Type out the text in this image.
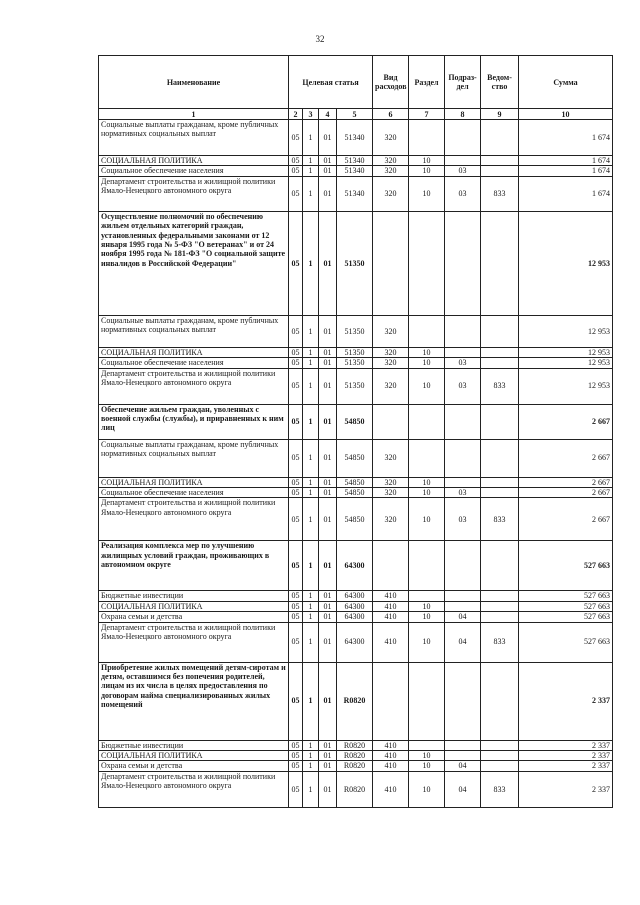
32
Наименование	Целевая статья				Вид расходов	Раздел	Подраз-дел	Ведом-ство	Сумма
1	2	3	4	5	6	7	8	9	10
Социальные выплаты гражданам, кроме публичных нормативных социальных выплат	05	1	01	51340	320				1 674
СОЦИАЛЬНАЯ ПОЛИТИКА	05	1	01	51340	320	10			1 674
Социальное обеспечение населения	05	1	01	51340	320	10	03		1 674
Департамент строительства и жилищной политики Ямало-Ненецкого автономного округа	05	1	01	51340	320	10	03	833	1 674
Осуществление полномочий по обеспечению жильем отдельных категорий граждан, установленных федеральными законами от 12 января 1995 года № 5-ФЗ "О ветеранах" и от 24 ноября 1995 года № 181-ФЗ "О социальной защите инвалидов в Российской Федерации"	05	1	01	51350					12 953
Социальные выплаты гражданам, кроме публичных нормативных социальных выплат	05	1	01	51350	320				12 953
СОЦИАЛЬНАЯ ПОЛИТИКА	05	1	01	51350	320	10			12 953
Социальное обеспечение населения	05	1	01	51350	320	10	03		12 953
Департамент строительства и жилищной политики Ямало-Ненецкого автономного округа	05	1	01	51350	320	10	03	833	12 953
Обеспечение жильем граждан, уволенных с военной службы (службы), и приравненных к ним лиц	05	1	01	54850					2 667
Социальные выплаты гражданам, кроме публичных нормативных социальных выплат	05	1	01	54850	320				2 667
СОЦИАЛЬНАЯ ПОЛИТИКА	05	1	01	54850	320	10			2 667
Социальное обеспечение населения	05	1	01	54850	320	10	03		2 667
Департамент строительства и жилищной политики Ямало-Ненецкого автономного округа	05	1	01	54850	320	10	03	833	2 667
Реализация комплекса мер по улучшению жилищных условий граждан, проживающих в автономном округе	05	1	01	64300					527 663
Бюджетные инвестиции	05	1	01	64300	410				527 663
СОЦИАЛЬНАЯ ПОЛИТИКА	05	1	01	64300	410	10			527 663
Охрана семьи и детства	05	1	01	64300	410	10	04		527 663
Департамент строительства и жилищной политики Ямало-Ненецкого автономного округа	05	1	01	64300	410	10	04	833	527 663
Приобретение жилых помещений детям-сиротам и детям, оставшимся без попечения родителей, лицам из их числа в целях предоставления по договорам найма специализированных жилых помещений	05	1	01	R0820					2 337
Бюджетные инвестиции	05	1	01	R0820	410				2 337
СОЦИАЛЬНАЯ ПОЛИТИКА	05	1	01	R0820	410	10			2 337
Охрана семьи и детства	05	1	01	R0820	410	10	04		2 337
Департамент строительства и жилищной политики Ямало-Ненецкого автономного округа	05	1	01	R0820	410	10	04	833	2 337
